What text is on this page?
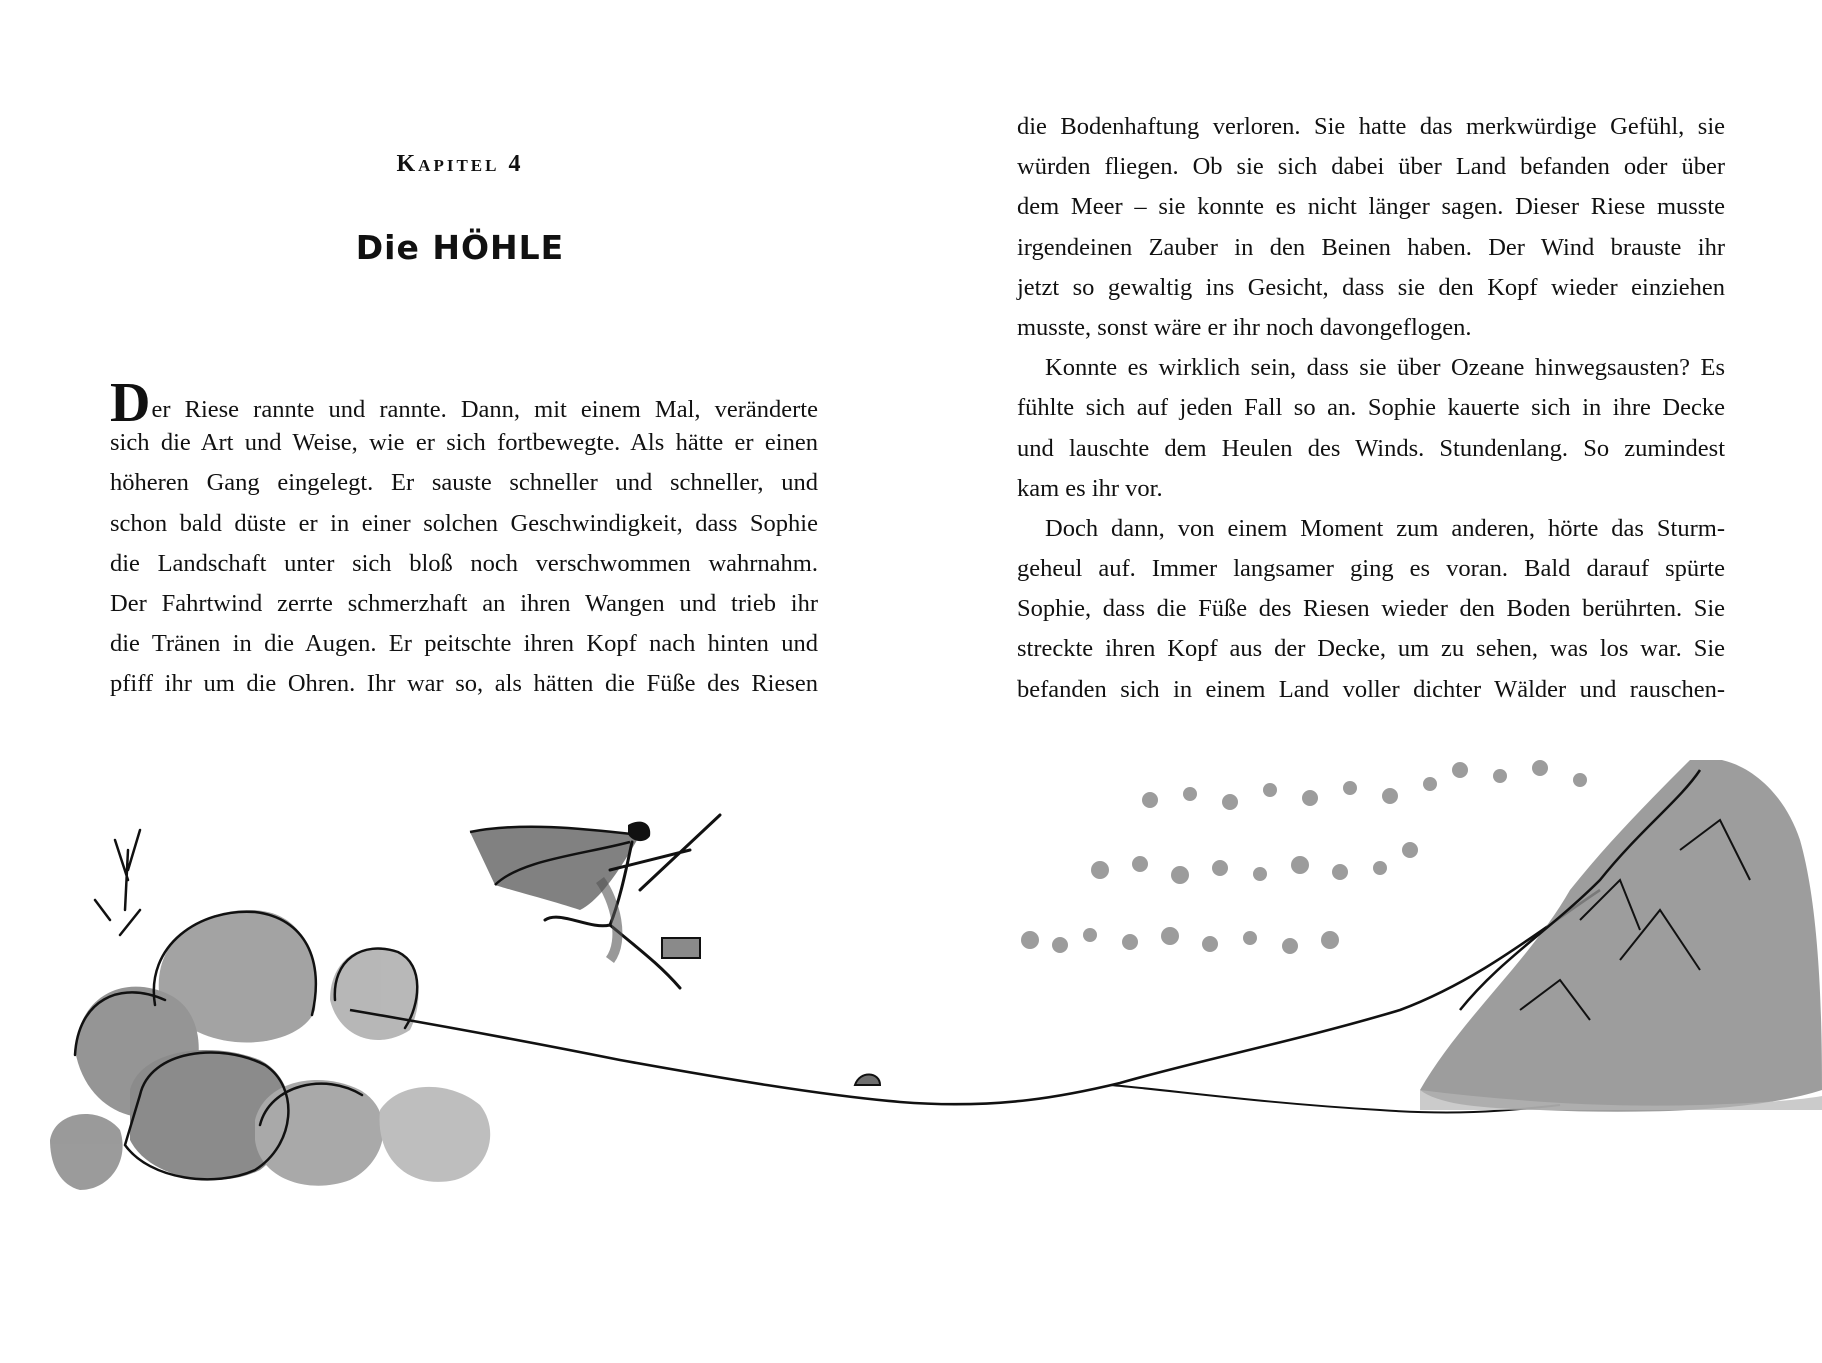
Kapitel 4
Die HÖHLE
Der Riese rannte und rannte. Dann, mit einem Mal, veränderte
sich die Art und Weise, wie er sich fortbewegte. Als hätte er einen
höheren Gang eingelegt. Er sauste schneller und schneller, und
schon bald düste er in einer solchen Geschwindigkeit, dass Sophie
die Landschaft unter sich bloß noch verschwommen wahrnahm.
Der Fahrtwind zerrte schmerzhaft an ihren Wangen und trieb ihr
die Tränen in die Augen. Er peitschte ihren Kopf nach hinten und
pfiff ihr um die Ohren. Ihr war so, als hätten die Füße des Riesen
die Bodenhaftung verloren. Sie hatte das merkwürdige Gefühl, sie
würden fliegen. Ob sie sich dabei über Land befanden oder über
dem Meer – sie konnte es nicht länger sagen. Dieser Riese musste
irgendeinen Zauber in den Beinen haben. Der Wind brauste ihr
jetzt so gewaltig ins Gesicht, dass sie den Kopf wieder einziehen
musste, sonst wäre er ihr noch davongeflogen.
Konnte es wirklich sein, dass sie über Ozeane hinwegsausten? Es
fühlte sich auf jeden Fall so an. Sophie kauerte sich in ihre Decke
und lauschte dem Heulen des Winds. Stundenlang. So zumindest
kam es ihr vor.
Doch dann, von einem Moment zum anderen, hörte das Sturm-
geheul auf. Immer langsamer ging es voran. Bald darauf spürte
Sophie, dass die Füße des Riesen wieder den Boden berührten. Sie
streckte ihren Kopf aus der Decke, um zu sehen, was los war. Sie
befanden sich in einem Land voller dichter Wälder und rauschen-
